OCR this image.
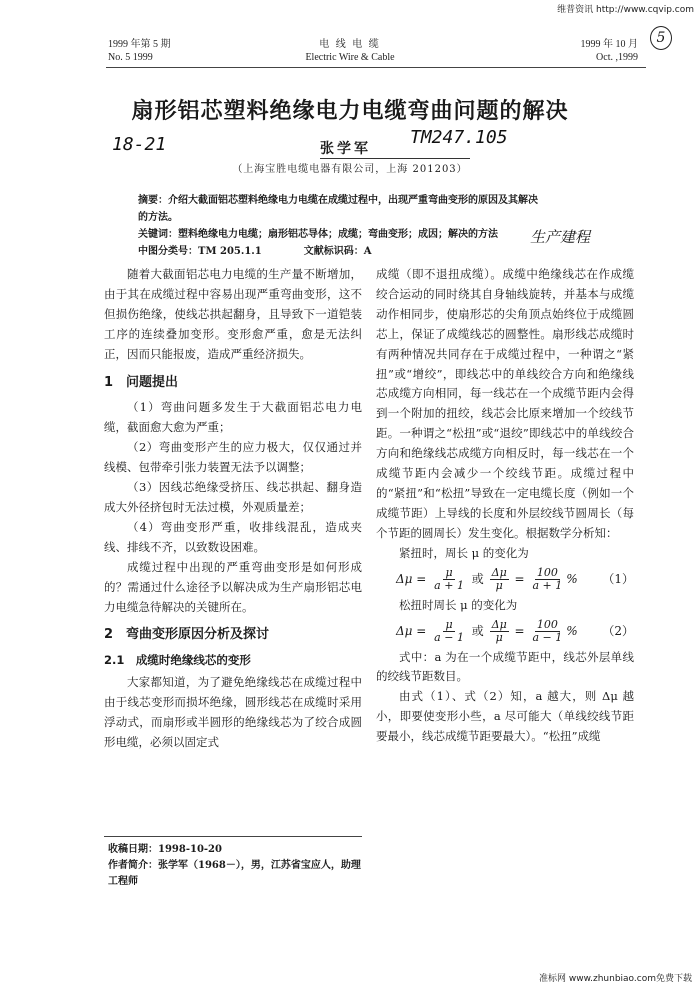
维普资讯 http://www.cqvip.com
5
1999 年第 5 期
No. 5 1999
电 线 电 缆
Electric Wire & Cable
1999 年 10 月
Oct. ,1999
扇形铝芯塑料绝缘电力电缆弯曲问题的解决
18-21	张学军
TM247.105
（上海宝胜电缆电器有限公司，上海 201203）
摘要：介绍大截面铝芯塑料绝缘电力电缆在成缆过程中，出现严重弯曲变形的原因及其解决
的方法。
关键词：塑料绝缘电力电缆；扇形铝芯导体；成缆；弯曲变形；成因；解决的方法
中图分类号：TM 205.1.1	文献标识码：A
生产建程

随着大截面铝芯电力电缆的生产量不断增加，由于其在成缆过程中容易出现严重弯曲变形，这不但损伤绝缘，使线芯拱起翻身，且导致下一道铠装工序的连续叠加变形。变形愈严重，愈是无法纠正，因而只能报废，造成严重经济损失。

1　问题提出

（1）弯曲问题多发生于大截面铝芯电力电缆，截面愈大愈为严重；

（2）弯曲变形产生的应力极大，仅仅通过并线模、包带牵引张力装置无法予以调整；

（3）因线芯绝缘受挤压、线芯拱起、翻身造成大外径挤包时无法过模，外观质量差；

（4）弯曲变形严重，收排线混乱，造成夹线、排线不齐，以致数设困难。

成缆过程中出现的严重弯曲变形是如何形成的？需通过什么途径予以解决成为生产扇形铝芯电力电缆急待解决的关键所在。

2　弯曲变形原因分析及探讨

2.1　成缆时绝缘线芯的变形

大家都知道，为了避免绝缘线芯在成缆过程中由于线芯变形而损坏绝缘，圆形线芯在成缆时采用浮动式，而扇形或半圆形的绝缘线芯为了绞合成圆形电缆，必须以固定式

收稿日期：1998-10-20
作者简介：张学军（1968－），男，江苏省宝应人，助理工程师

成缆（即不退扭成缆）。成缆中绝缘线芯在作成缆绞合运动的同时绕其自身轴线旋转，并基本与成缆动作相同步，使扇形芯的尖角顶点始终位于成缆圆芯上，保证了成缆线芯的圆整性。扇形线芯成缆时有两种情况共同存在于成缆过程中，一种谓之“紧扭”或“增绞”，即线芯中的单线绞合方向和绝缘线芯成缆方向相同，每一线芯在一个成缆节距内会得到一个附加的扭绞，线芯会比原来增加一个绞线节距。一种谓之“松扭”或“退绞”即线芯中的单线绞合方向和绝缘线芯成缆方向相反时，每一线芯在一个成缆节距内会减少一个绞线节距。成缆过程中的“紧扭”和“松扭”导致在一定电缆长度（例如一个成缆节距）上导线的长度和外层绞线节圆周长（每个节距的圆周长）发生变化。根据数学分析知：

紧扭时，周长 μ 的变化为

$\Delta\mu = \frac{\mu}{a + 1}$ 或 $\frac{\Delta\mu}{\mu} = \frac{100}{a + 1}$ % （1）

松扭时周长 μ 的变化为

$\Delta\mu = \frac{\mu}{a - 1}$ 或 $\frac{\Delta\mu}{\mu} = \frac{100}{a - 1}$ % （2）

式中：a 为在一个成缆节距中，线芯外层单线的绞线节距数目。

由式（1）、式（2）知，a 越大，则 Δμ 越小，即要使变形小些，a 尽可能大（单线绞线节距要最小，线芯成缆节距要最大）。“松扭”成缆

准标网 www.zhunbiao.com免费下载
